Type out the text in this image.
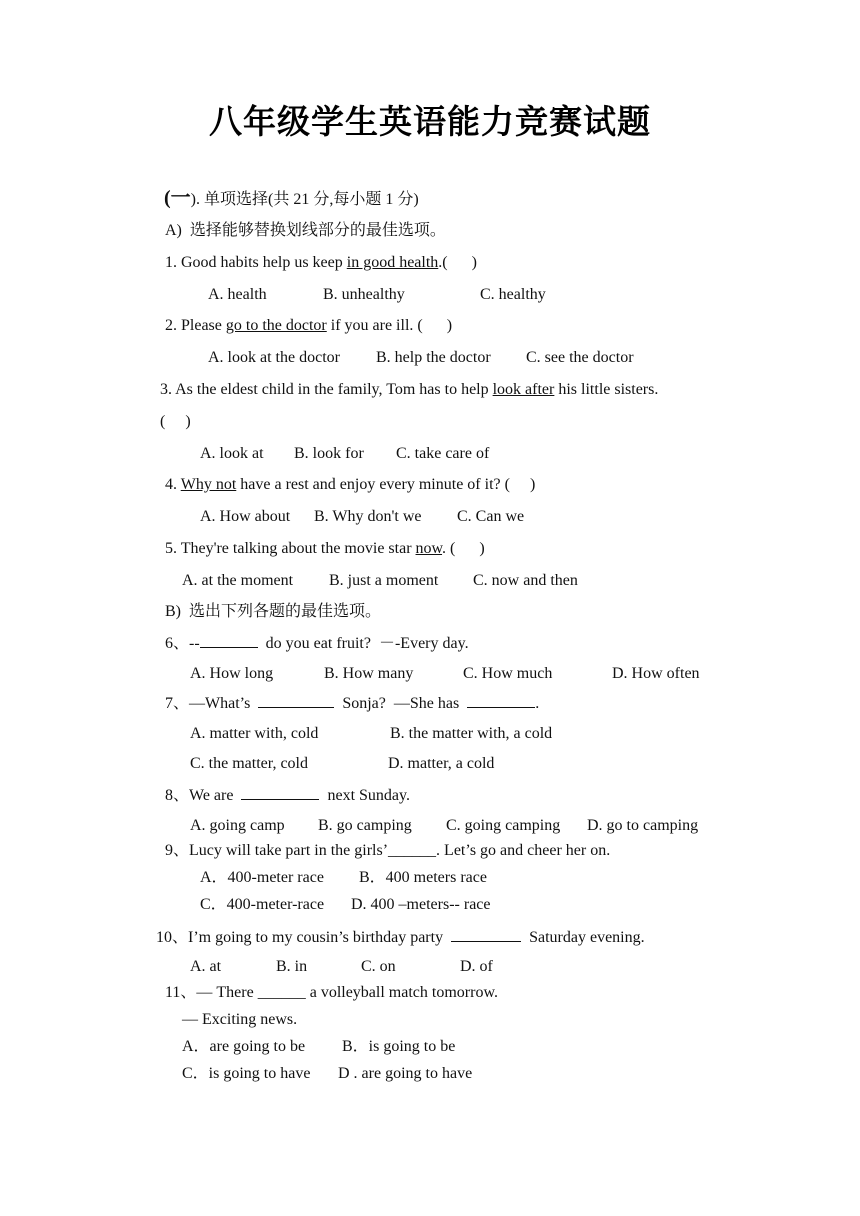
八年级学生英语能力竞赛试题
(一). 单项选择(共 21 分,每小题 1 分)
A)  选择能够替换划线部分的最佳选项。
1. Good habits help us keep in good health.(      )
A. health	B. unhealthy	C. healthy
2. Please go to the doctor if you are ill. (      )
A. look at the doctor B. help the doctor C. see the doctor
3. As the eldest child in the family, Tom has to help look after his little sisters.
(     )
A. look at B. look for C. take care of
4. Why not have a rest and enjoy every minute of it? (     )
A. How about B. Why don't we C. Can we
5. They're talking about the movie star now. (      )
A. at the moment B. just a moment C. now and then
B)  选出下列各题的最佳选项。
6、--	do you eat fruit?  －-Every day.
A. How long	B. How many	C. How much	D. How often
7、—What’s	Sonja?  —She has	.
A. matter with, cold	B. the matter with, a cold
C. the matter, cold	D. matter, a cold
8、We are	next Sunday.
A. going camp B. go camping C. going camping D. go to camping
9、Lucy will take part in the girls’______. Let’s go and cheer her on.
A．400-meter race B．400 meters race
C．400-meter-race D. 400 –meters-- race
10、I’m going to my cousin’s birthday party	Saturday evening.
A. at	B. in	C. on	D. of
11、— There ______ a volleyball match tomorrow.
— Exciting news.
A．are going to be B．is going to be
C．is going to have D . are going to have
